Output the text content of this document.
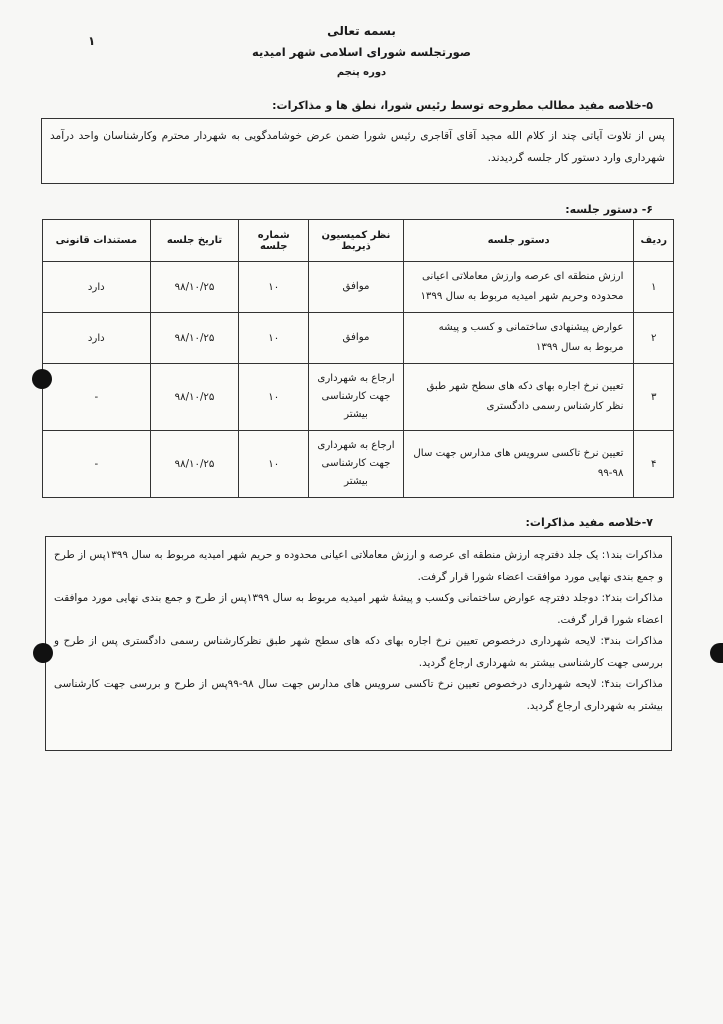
۱
بسمه تعالی
صورتجلسه شورای اسلامی شهر امیدیه
دوره پنجم
۵-خلاصه مفید مطالب مطروحه توسط رئیس شورا، نطق ها و مذاکرات:
پس از تلاوت آیاتی چند از کلام الله مجید آقای آقاجری رئیس شورا ضمن عرض خوشامدگویی به شهردار محترم وکارشناسان واحد درآمد شهرداری وارد دستور کار جلسه گردیدند.
۶- دستور جلسه:
ردیف	دستور جلسه	نظر کمیسیون ذیربط	شماره جلسه	تاریخ جلسه	مستندات قانونی
۱	ارزش منطقه ای عرصه وارزش معاملاتی اعیانی محدوده وحریم شهر امیدیه مربوط به سال ۱۳۹۹	موافق	۱۰	۹۸/۱۰/۲۵	دارد
۲	عوارض پیشنهادی ساختمانی و کسب و پیشه مربوط به سال ۱۳۹۹	موافق	۱۰	۹۸/۱۰/۲۵	دارد
۳	تعیین نرخ اجاره بهای دکه های سطح شهر طبق نظر کارشناس رسمی دادگستری	ارجاع به شهرداری جهت کارشناسی بیشتر	۱۰	۹۸/۱۰/۲۵	-
۴	تعیین نرخ تاکسی سرویس های مدارس جهت سال ۹۸-۹۹	ارجاع به شهرداری جهت کارشناسی بیشتر	۱۰	۹۸/۱۰/۲۵	-
۷-خلاصه مفید مذاکرات:

مذاکرات بند۱: یک جلد دفترچه ارزش منطقه ای عرصه و ارزش معاملاتی اعیانی محدوده و حریم شهر امیدیه مربوط به سال ۱۳۹۹پس از طرح و جمع بندی نهایی مورد موافقت اعضاء شورا قرار گرفت.

مذاکرات بند۲: دوجلد دفترچه عوارض ساختمانی وکسب و پیشهٔ شهر امیدیه مربوط به سال ۱۳۹۹پس از طرح و جمع بندی نهایی مورد موافقت اعضاء شورا قرار گرفت.

مذاکرات بند۳: لایحه شهرداری درخصوص تعیین نرخ اجاره بهای دکه های سطح شهر طبق نظرکارشناس رسمی دادگستری پس از طرح و بررسی جهت کارشناسی بیشتر به شهرداری ارجاع گردید.

مذاکرات بند۴: لایحه شهرداری درخصوص تعیین نرخ تاکسی سرویس های مدارس جهت سال ۹۸-۹۹پس از طرح و بررسی جهت کارشناسی بیشتر به شهرداری ارجاع گردید.
